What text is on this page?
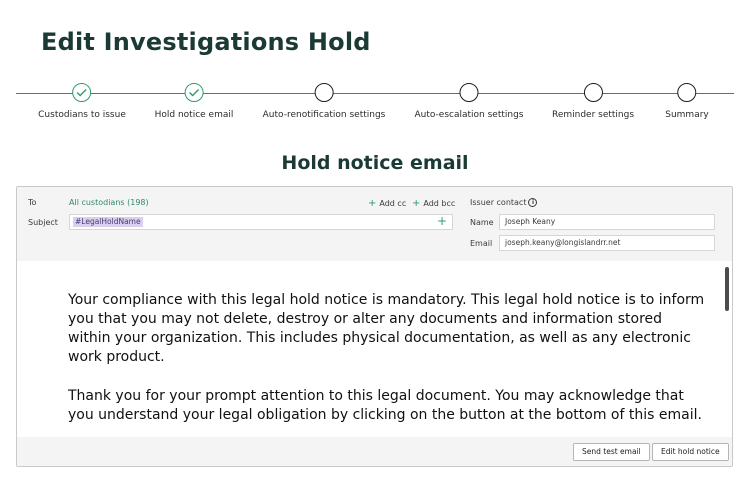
Edit Investigations Hold
Custodians to issue	Hold notice email	Auto-renotification settings	Auto-escalation settings	Reminder settings	Summary
Hold notice email
To	All custodians (198)	+ Add cc + Add bcc
Subject #LegalHoldName	+
Issuer contact i
Name	Joseph Keany
Email	joseph.keany@longislandrr.net

Your compliance with this legal hold notice is mandatory. This legal hold notice is to inform you that you may not delete, destroy or alter any documents and information stored within your organization. This includes physical documentation, as well as any electronic work product.

Thank you for your prompt attention to this legal document. You may acknowledge that you understand your legal obligation by clicking on the button at the bottom of this email.

Send test email	Edit hold notice
